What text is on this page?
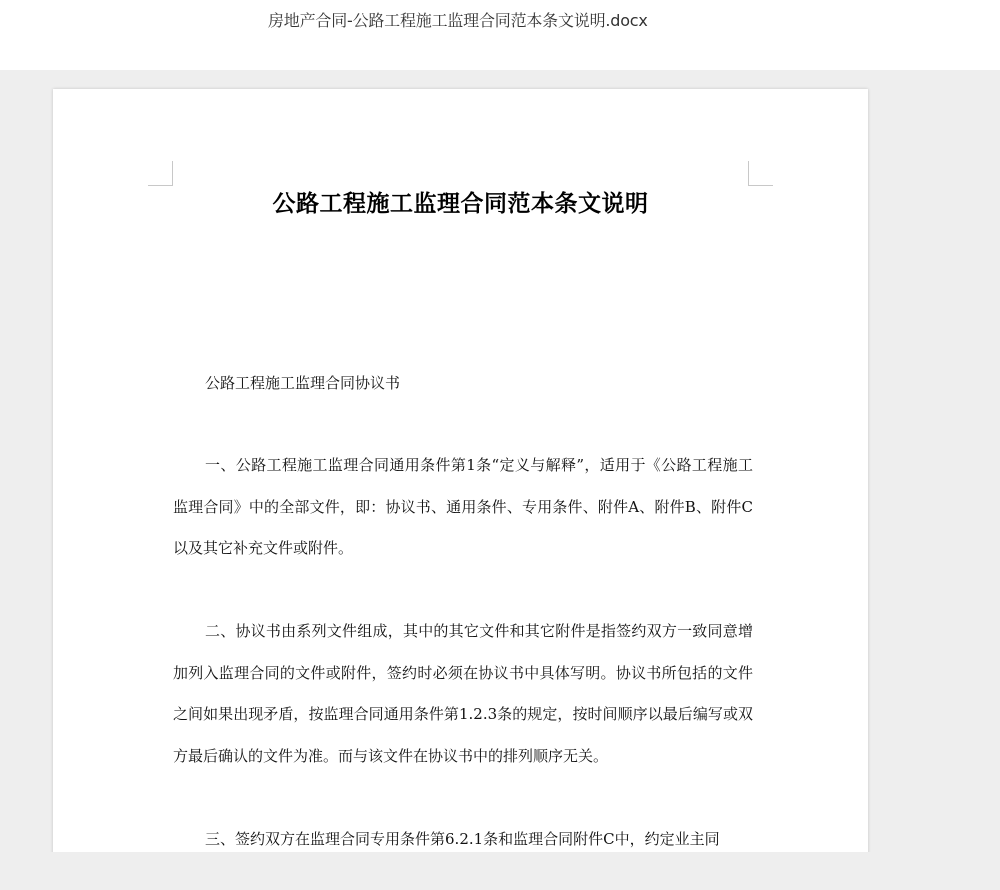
房地产合同-公路工程施工监理合同范本条文说明.docx
公路工程施工监理合同范本条文说明
公路工程施工监理合同协议书

一、公路工程施工监理合同通用条件第1条“定义与解释”，适用于《公路工程施工监理合同》中的全部文件，即：协议书、通用条件、专用条件、附件A、附件B、附件C以及其它补充文件或附件。

二、协议书由系列文件组成，其中的其它文件和其它附件是指签约双方一致同意增加列入监理合同的文件或附件，签约时必须在协议书中具体写明。协议书所包括的文件之间如果出现矛盾，按监理合同通用条件第1.2.3条的规定，按时间顺序以最后编写或双方最后确认的文件为准。而与该文件在协议书中的排列顺序无关。

三、签约双方在监理合同专用条件第6.2.1条和监理合同附件C中，约定业主同
